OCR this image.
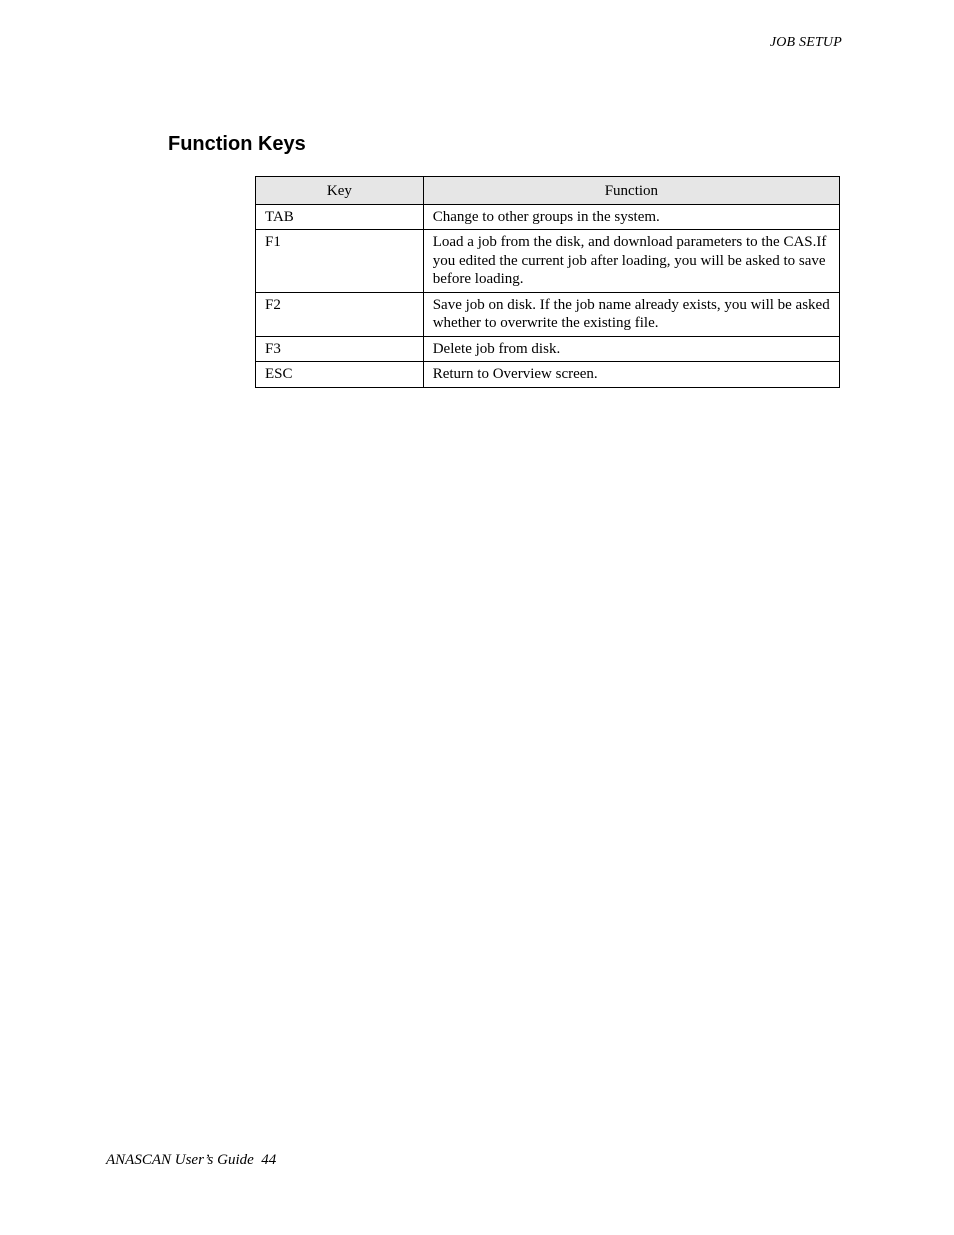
JOB SETUP
Function Keys
Key	Function
TAB	Change to other groups in the system.
F1	Load a job from the disk, and download parameters to the CAS.If you edited the current job after loading, you will be asked to save before loading.
F2	Save job on disk. If the job name already exists, you will be asked whether to overwrite the existing file.
F3	Delete job from disk.
ESC	Return to Overview screen.
ANASCAN User’s Guide 44
